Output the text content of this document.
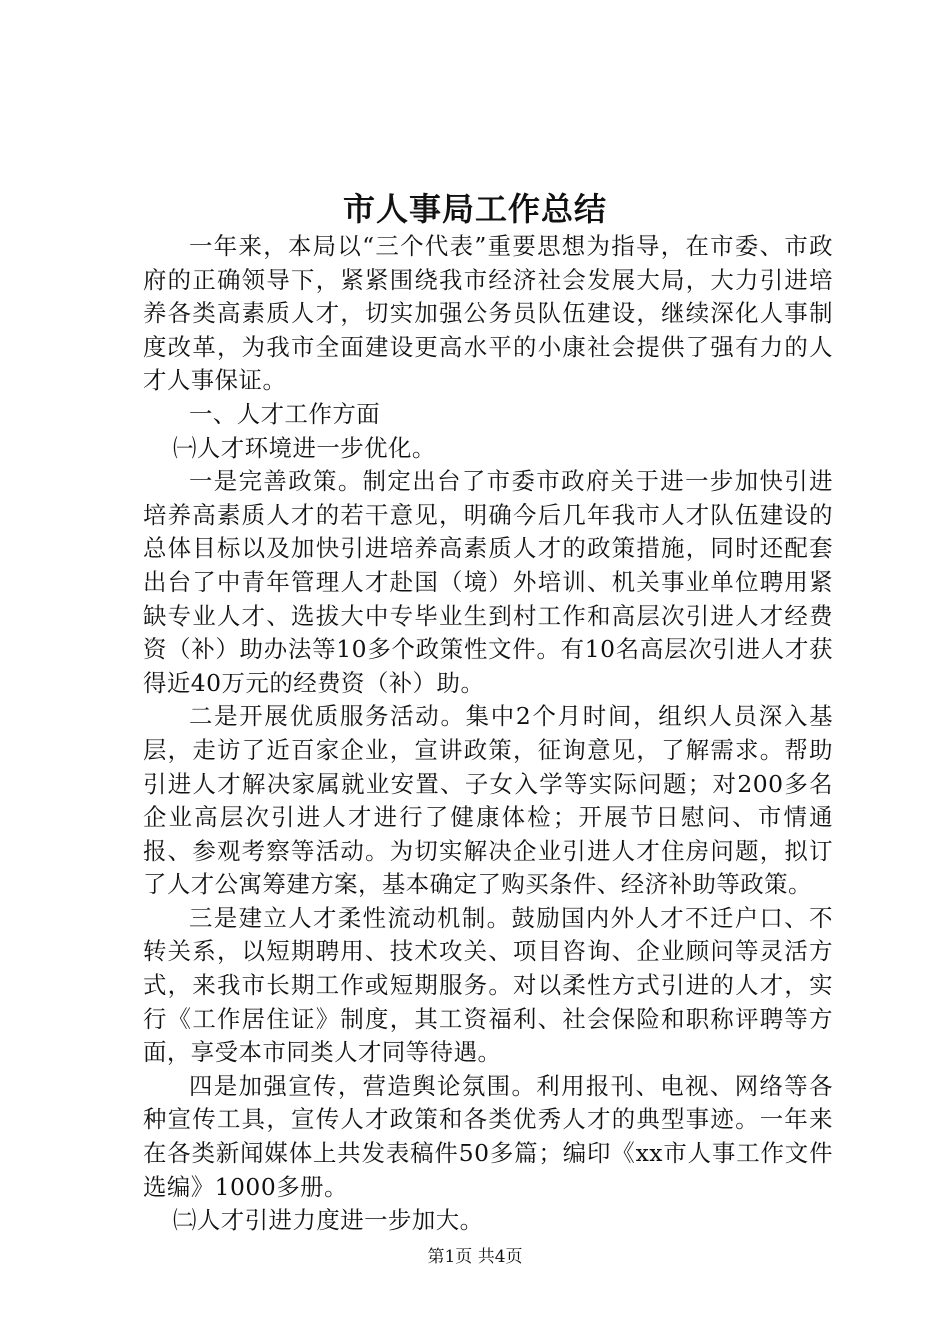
市人事局工作总结

一年来，本局以“三个代表”重要思想为指导，在市委、市政府的正确领导下，紧紧围绕我市经济社会发展大局，大力引进培养各类高素质人才，切实加强公务员队伍建设，继续深化人事制度改革，为我市全面建设更高水平的小康社会提供了强有力的人才人事保证。

一、人才工作方面

㈠人才环境进一步优化。

一是完善政策。制定出台了市委市政府关于进一步加快引进培养高素质人才的若干意见，明确今后几年我市人才队伍建设的总体目标以及加快引进培养高素质人才的政策措施，同时还配套出台了中青年管理人才赴国（境）外培训、机关事业单位聘用紧缺专业人才、选拔大中专毕业生到村工作和高层次引进人才经费资（补）助办法等10多个政策性文件。有10名高层次引进人才获得近40万元的经费资（补）助。

二是开展优质服务活动。集中2个月时间，组织人员深入基层，走访了近百家企业，宣讲政策，征询意见，了解需求。帮助引进人才解决家属就业安置、子女入学等实际问题；对200多名企业高层次引进人才进行了健康体检；开展节日慰问、市情通报、参观考察等活动。为切实解决企业引进人才住房问题，拟订了人才公寓筹建方案，基本确定了购买条件、经济补助等政策。

三是建立人才柔性流动机制。鼓励国内外人才不迁户口、不转关系，以短期聘用、技术攻关、项目咨询、企业顾问等灵活方式，来我市长期工作或短期服务。对以柔性方式引进的人才，实行《工作居住证》制度，其工资福利、社会保险和职称评聘等方面，享受本市同类人才同等待遇。

四是加强宣传，营造舆论氛围。利用报刊、电视、网络等各种宣传工具，宣传人才政策和各类优秀人才的典型事迹。一年来在各类新闻媒体上共发表稿件50多篇；编印《xx市人事工作文件选编》1000多册。

㈡人才引进力度进一步加大。

第1页 共4页
